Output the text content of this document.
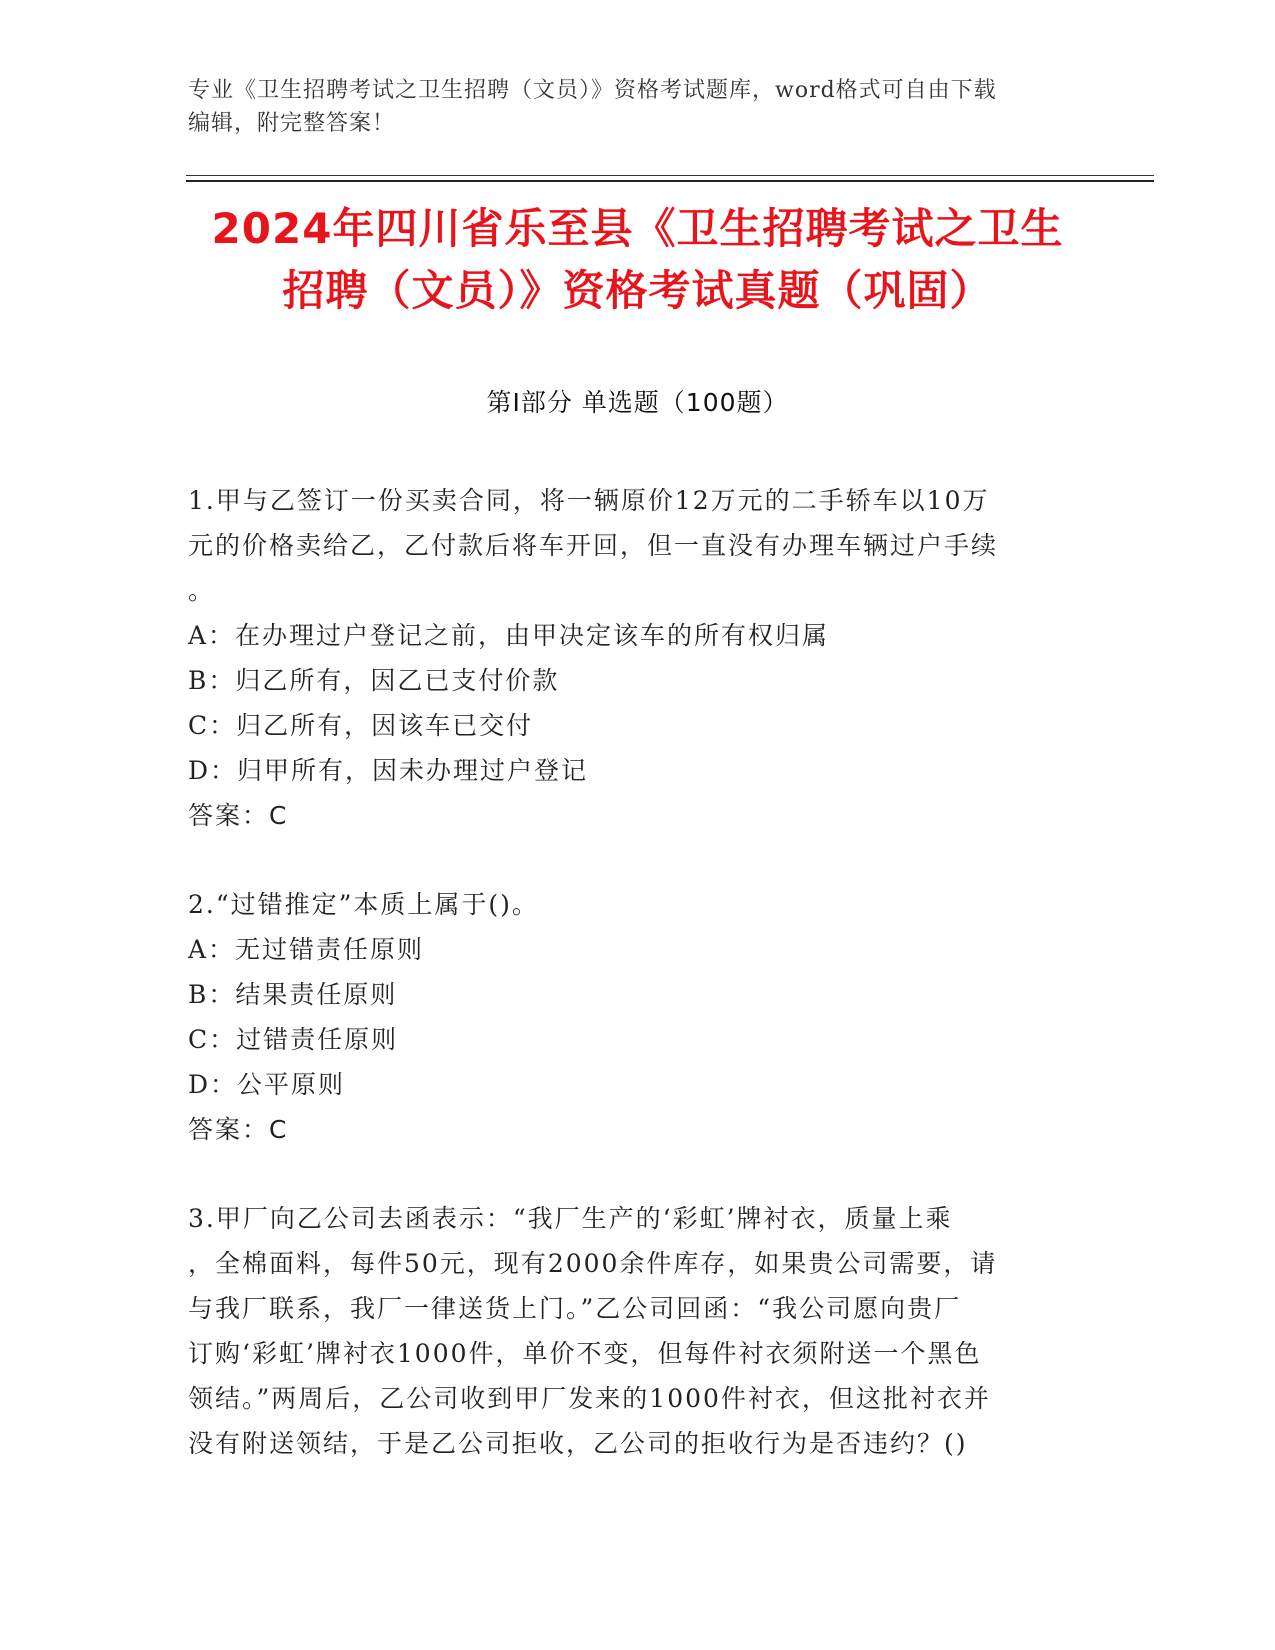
专业《卫生招聘考试之卫生招聘（文员）》资格考试题库，word格式可自由下载
编辑，附完整答案！
2024年四川省乐至县《卫生招聘考试之卫生
招聘（文员）》资格考试真题（巩固）
第Ⅰ部分 单选题（100题）

1.甲与乙签订一份买卖合同，将一辆原价12万元的二手轿车以10万

元的价格卖给乙，乙付款后将车开回，但一直没有办理车辆过户手续

。

A：在办理过户登记之前，由甲决定该车的所有权归属

B：归乙所有，因乙已支付价款

C：归乙所有，因该车已交付

D：归甲所有，因未办理过户登记

答案：C

2.“过错推定”本质上属于()。

A：无过错责任原则

B：结果责任原则

C：过错责任原则

D：公平原则

答案：C

3.甲厂向乙公司去函表示：“我厂生产的‘彩虹’牌衬衣，质量上乘

，全棉面料，每件50元，现有2000余件库存，如果贵公司需要，请

与我厂联系，我厂一律送货上门。”乙公司回函：“我公司愿向贵厂

订购‘彩虹’牌衬衣1000件，单价不变，但每件衬衣须附送一个黑色

领结。”两周后，乙公司收到甲厂发来的1000件衬衣，但这批衬衣并

没有附送领结，于是乙公司拒收，乙公司的拒收行为是否违约？()
